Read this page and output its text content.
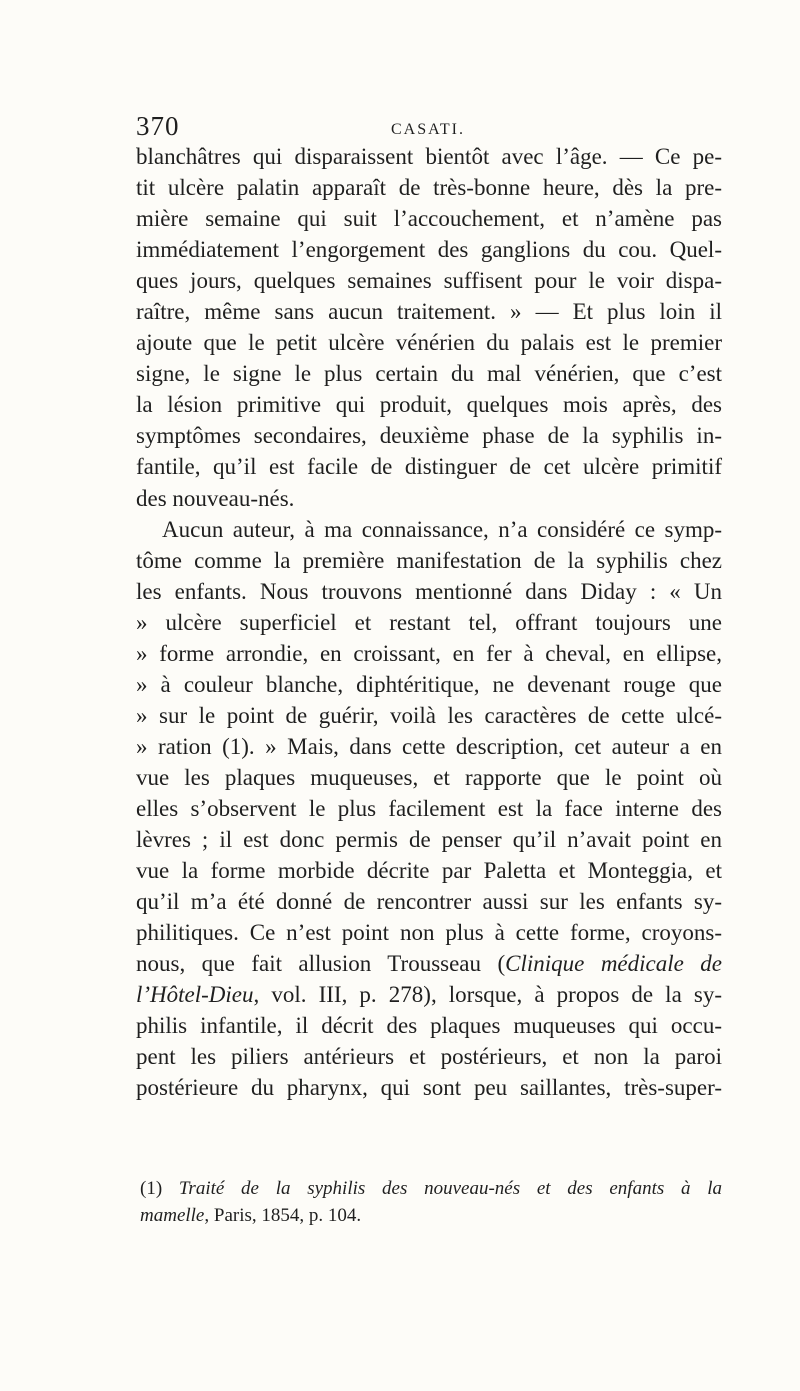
370	CASATI.
blanchâtres qui disparaissent bientôt avec l’âge. — Ce pe-
tit ulcère palatin apparaît de très-bonne heure, dès la pre-
mière semaine qui suit l’accouchement, et n’amène pas
immédiatement l’engorgement des ganglions du cou. Quel-
ques jours, quelques semaines suffisent pour le voir dispa-
raître, même sans aucun traitement. » — Et plus loin il
ajoute que le petit ulcère vénérien du palais est le premier
signe, le signe le plus certain du mal vénérien, que c’est
la lésion primitive qui produit, quelques mois après, des
symptômes secondaires, deuxième phase de la syphilis in-
fantile, qu’il est facile de distinguer de cet ulcère primitif
des nouveau-nés.
Aucun auteur, à ma connaissance, n’a considéré ce symp-
tôme comme la première manifestation de la syphilis chez
les enfants. Nous trouvons mentionné dans Diday : « Un
» ulcère superficiel et restant tel, offrant toujours une
» forme arrondie, en croissant, en fer à cheval, en ellipse,
» à couleur blanche, diphtéritique, ne devenant rouge que
» sur le point de guérir, voilà les caractères de cette ulcé-
» ration (1). » Mais, dans cette description, cet auteur a en
vue les plaques muqueuses, et rapporte que le point où
elles s’observent le plus facilement est la face interne des
lèvres ; il est donc permis de penser qu’il n’avait point en
vue la forme morbide décrite par Paletta et Monteggia, et
qu’il m’a été donné de rencontrer aussi sur les enfants sy-
philitiques. Ce n’est point non plus à cette forme, croyons-
nous, que fait allusion Trousseau (Clinique médicale de
l’Hôtel-Dieu, vol. III, p. 278), lorsque, à propos de la sy-
philis infantile, il décrit des plaques muqueuses qui occu-
pent les piliers antérieurs et postérieurs, et non la paroi
postérieure du pharynx, qui sont peu saillantes, très-super-
(1) Traité de la syphilis des nouveau-nés et des enfants à la
mamelle, Paris, 1854, p. 104.
